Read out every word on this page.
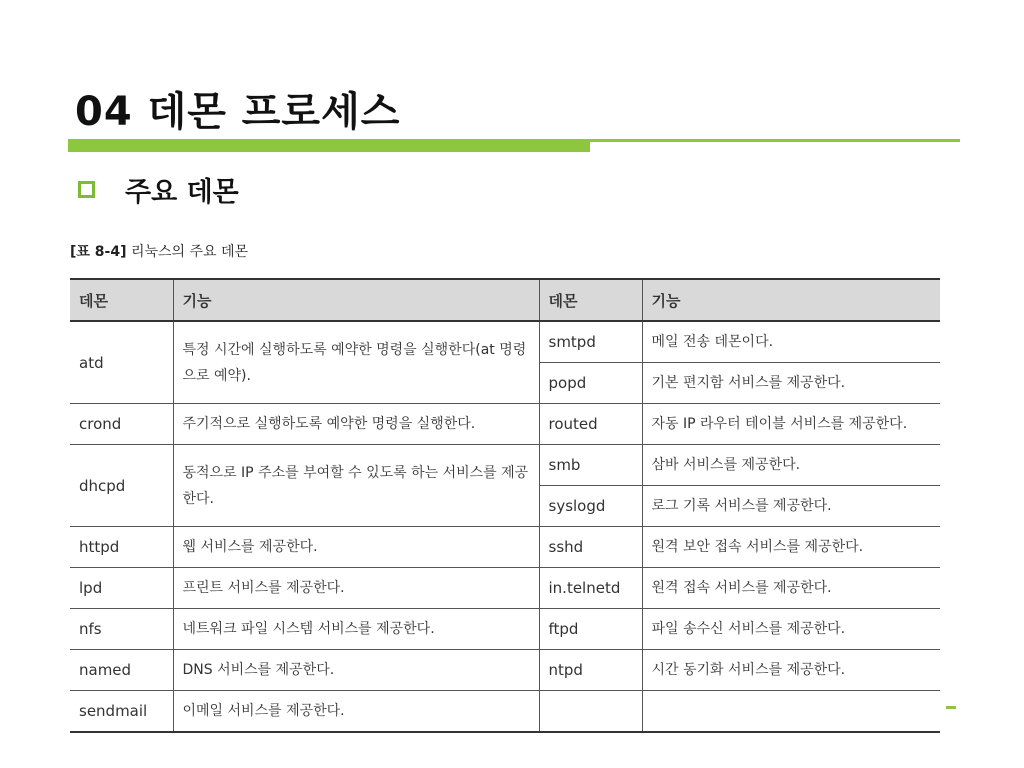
04 데몬 프로세스
주요 데몬
[표 8-4] 리눅스의 주요 데몬
데몬	기능	데몬	기능
atd	특정 시간에 실행하도록 예약한 명령을 실행한다(at 명령으로 예약).	smtpd	메일 전송 데몬이다.
		popd	기본 편지함 서비스를 제공한다.
crond	주기적으로 실행하도록 예약한 명령을 실행한다.	routed	자동 IP 라우터 테이블 서비스를 제공한다.
dhcpd	동적으로 IP 주소를 부여할 수 있도록 하는 서비스를 제공한다.	smb	삼바 서비스를 제공한다.
		syslogd	로그 기록 서비스를 제공한다.
httpd	웹 서비스를 제공한다.	sshd	원격 보안 접속 서비스를 제공한다.
lpd	프린트 서비스를 제공한다.	in.telnetd	원격 접속 서비스를 제공한다.
nfs	네트워크 파일 시스템 서비스를 제공한다.	ftpd	파일 송수신 서비스를 제공한다.
named	DNS 서비스를 제공한다.	ntpd	시간 동기화 서비스를 제공한다.
sendmail	이메일 서비스를 제공한다.		
